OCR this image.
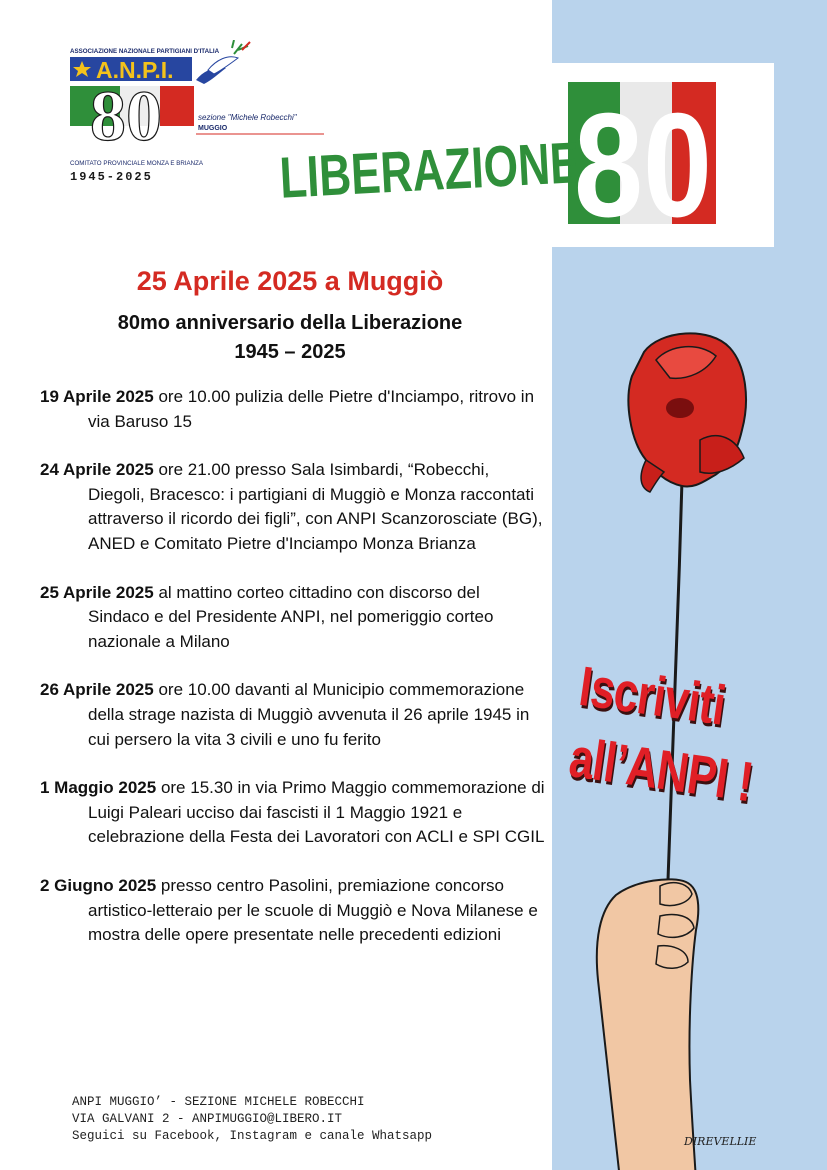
ASSOCIAZIONE NAZIONALE PARTIGIANI D'ITALIA
A.N.P.I.
80	sezione "Michele Robecchi"
MUGGIO
COMITATO PROVINCIALE MONZA E BRIANZA
1945-2025 LIBERAZIONE
80
Iscriviti
all’ANPI !
DIREVELLIE
25 Aprile 2025 a Muggiò
80mo anniversario della Liberazione
1945 – 2025

19 Aprile 2025 ore 10.00 pulizia delle Pietre d'Inciampo, ritrovo in via Baruso 15

24 Aprile 2025 ore 21.00 presso Sala Isimbardi, “Robecchi, Diegoli, Bracesco: i partigiani di Muggiò e Monza raccontati attraverso il ricordo dei figli”, con ANPI Scanzorosciate (BG), ANED e Comitato Pietre d'Inciampo Monza Brianza

25 Aprile 2025 al mattino corteo cittadino con discorso del Sindaco e del Presidente ANPI, nel pomeriggio corteo nazionale a Milano

26 Aprile 2025 ore 10.00 davanti al Municipio commemorazione della strage nazista di Muggiò avvenuta il 26 aprile 1945 in cui persero la vita 3 civili e uno fu ferito

1 Maggio 2025 ore 15.30 in via Primo Maggio commemorazione di Luigi Paleari ucciso dai fascisti il 1 Maggio 1921 e celebrazione della Festa dei Lavoratori con ACLI e SPI CGIL

2 Giugno 2025 presso centro Pasolini, premiazione concorso artistico-letteraio per le scuole di Muggiò e Nova Milanese e mostra delle opere presentate nelle precedenti edizioni

ANPI MUGGIO’ - SEZIONE MICHELE ROBECCHI
VIA GALVANI 2 - ANPIMUGGIO@LIBERO.IT
Seguici su Facebook, Instagram e canale Whatsapp
